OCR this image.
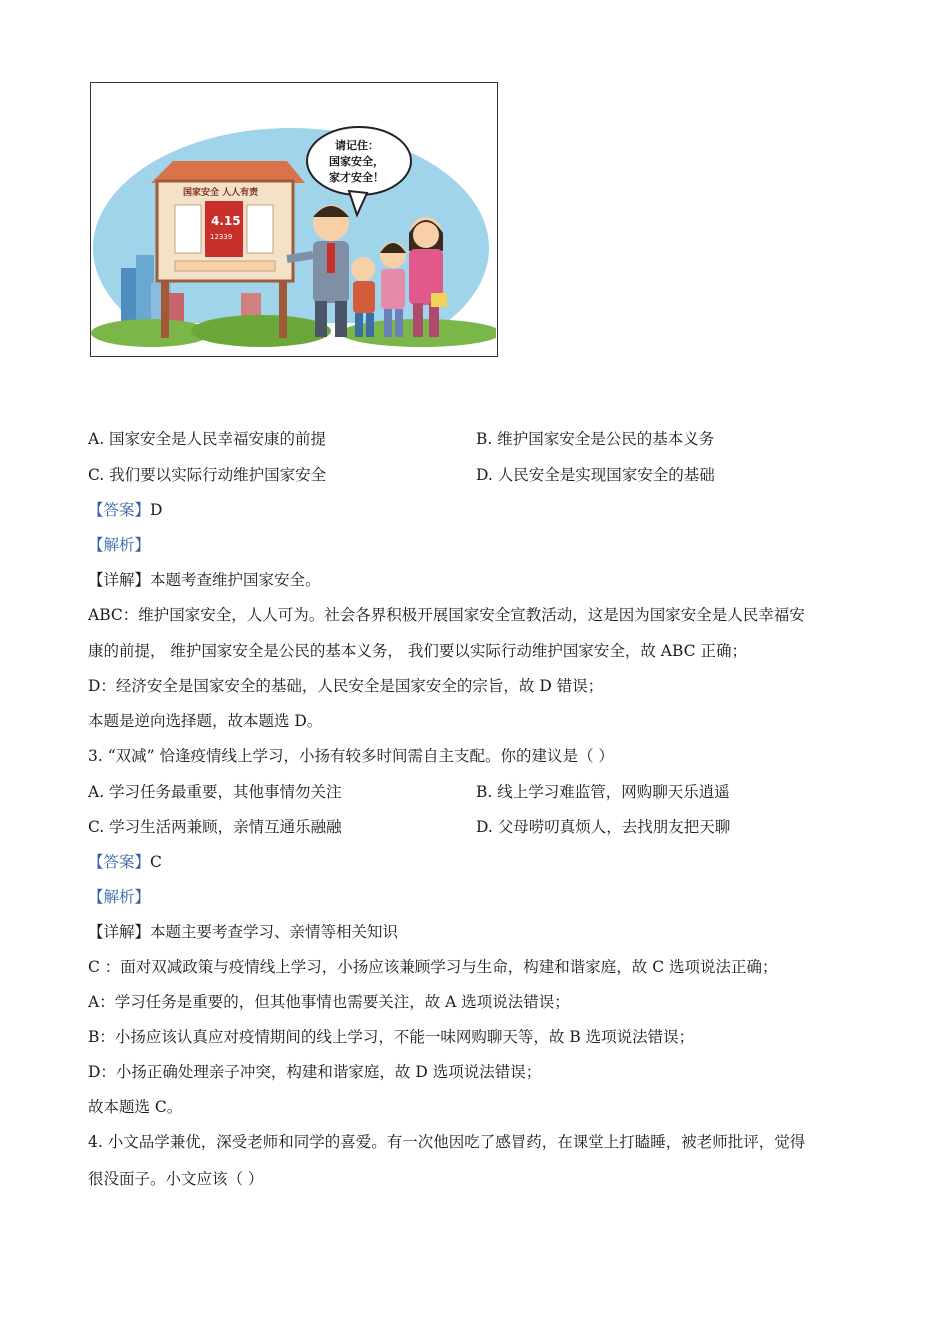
国家安全 人人有责
4.15
12339
请记住：
国家安全，
家才安全！
A. 国家安全是人民幸福安康的前提	B. 维护国家安全是公民的基本义务
C. 我们要以实际行动维护国家安全	D. 人民安全是实现国家安全的基础
【答案】D
【解析】
【详解】本题考查维护国家安全。
ABC：维护国家安全，人人可为。社会各界积极开展国家安全宣教活动，这是因为国家安全是人民幸福安
康的前提， 维护国家安全是公民的基本义务， 我们要以实际行动维护国家安全，故 ABC 正确；
D：经济安全是国家安全的基础，人民安全是国家安全的宗旨，故 D 错误；
本题是逆向选择题，故本题选 D。
3. “双减” 恰逢疫情线上学习，小扬有较多时间需自主支配。你的建议是（ ）
A. 学习任务最重要，其他事情勿关注	B. 线上学习难监管，网购聊天乐逍遥
C. 学习生活两兼顾，亲情互通乐融融	D. 父母唠叨真烦人，去找朋友把天聊
【答案】C
【解析】
【详解】本题主要考查学习、亲情等相关知识
C ：面对双减政策与疫情线上学习，小扬应该兼顾学习与生命，构建和谐家庭，故 C 选项说法正确；
A：学习任务是重要的，但其他事情也需要关注，故 A 选项说法错误；
B：小扬应该认真应对疫情期间的线上学习，不能一味网购聊天等，故 B 选项说法错误；
D：小扬正确处理亲子冲突，构建和谐家庭，故 D 选项说法错误；
故本题选 C。
4. 小文品学兼优，深受老师和同学的喜爱。有一次他因吃了感冒药，在课堂上打瞌睡，被老师批评，觉得
很没面子。小文应该（ ）
